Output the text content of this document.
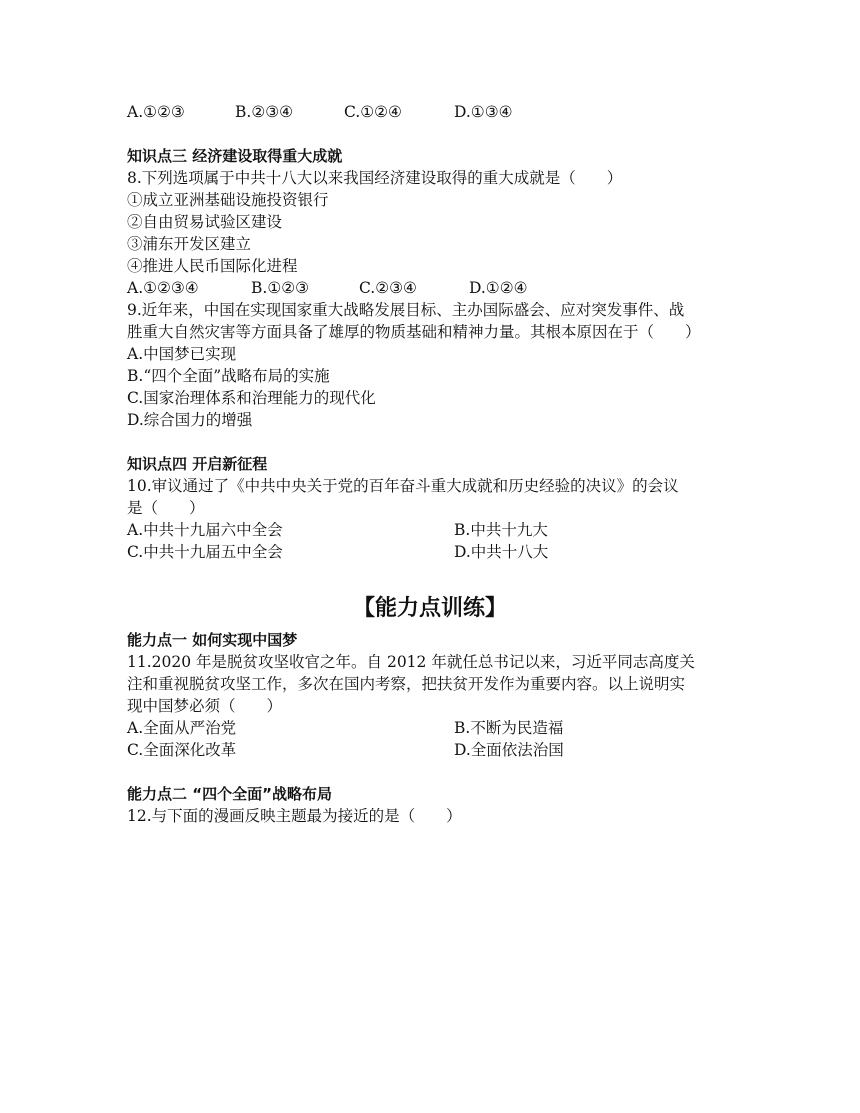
A.①②③	B.②③④	C.①②④	D.①③④
知识点三 经济建设取得重大成就
8.下列选项属于中共十八大以来我国经济建设取得的重大成就是（　　）
①成立亚洲基础设施投资银行
②自由贸易试验区建设
③浦东开发区建立
④推进人民币国际化进程
A.①②③④	B.①②③	C.②③④	D.①②④
9.近年来，中国在实现国家重大战略发展目标、主办国际盛会、应对突发事件、战
胜重大自然灾害等方面具备了雄厚的物质基础和精神力量。其根本原因在于（　　）
A.中国梦已实现
B.“四个全面”战略布局的实施
C.国家治理体系和治理能力的现代化
D.综合国力的增强
知识点四 开启新征程
10.审议通过了《中共中央关于党的百年奋斗重大成就和历史经验的决议》的会议
是（　　）
A.中共十九届六中全会	B.中共十九大
C.中共十九届五中全会	D.中共十八大
【能力点训练】
能力点一 如何实现中国梦
11.2020 年是脱贫攻坚收官之年。自 2012 年就任总书记以来，习近平同志高度关
注和重视脱贫攻坚工作，多次在国内考察，把扶贫开发作为重要内容。以上说明实
现中国梦必须（　　）
A.全面从严治党	B.不断为民造福
C.全面深化改革	D.全面依法治国
能力点二 “四个全面”战略布局
12.与下面的漫画反映主题最为接近的是（　　）
